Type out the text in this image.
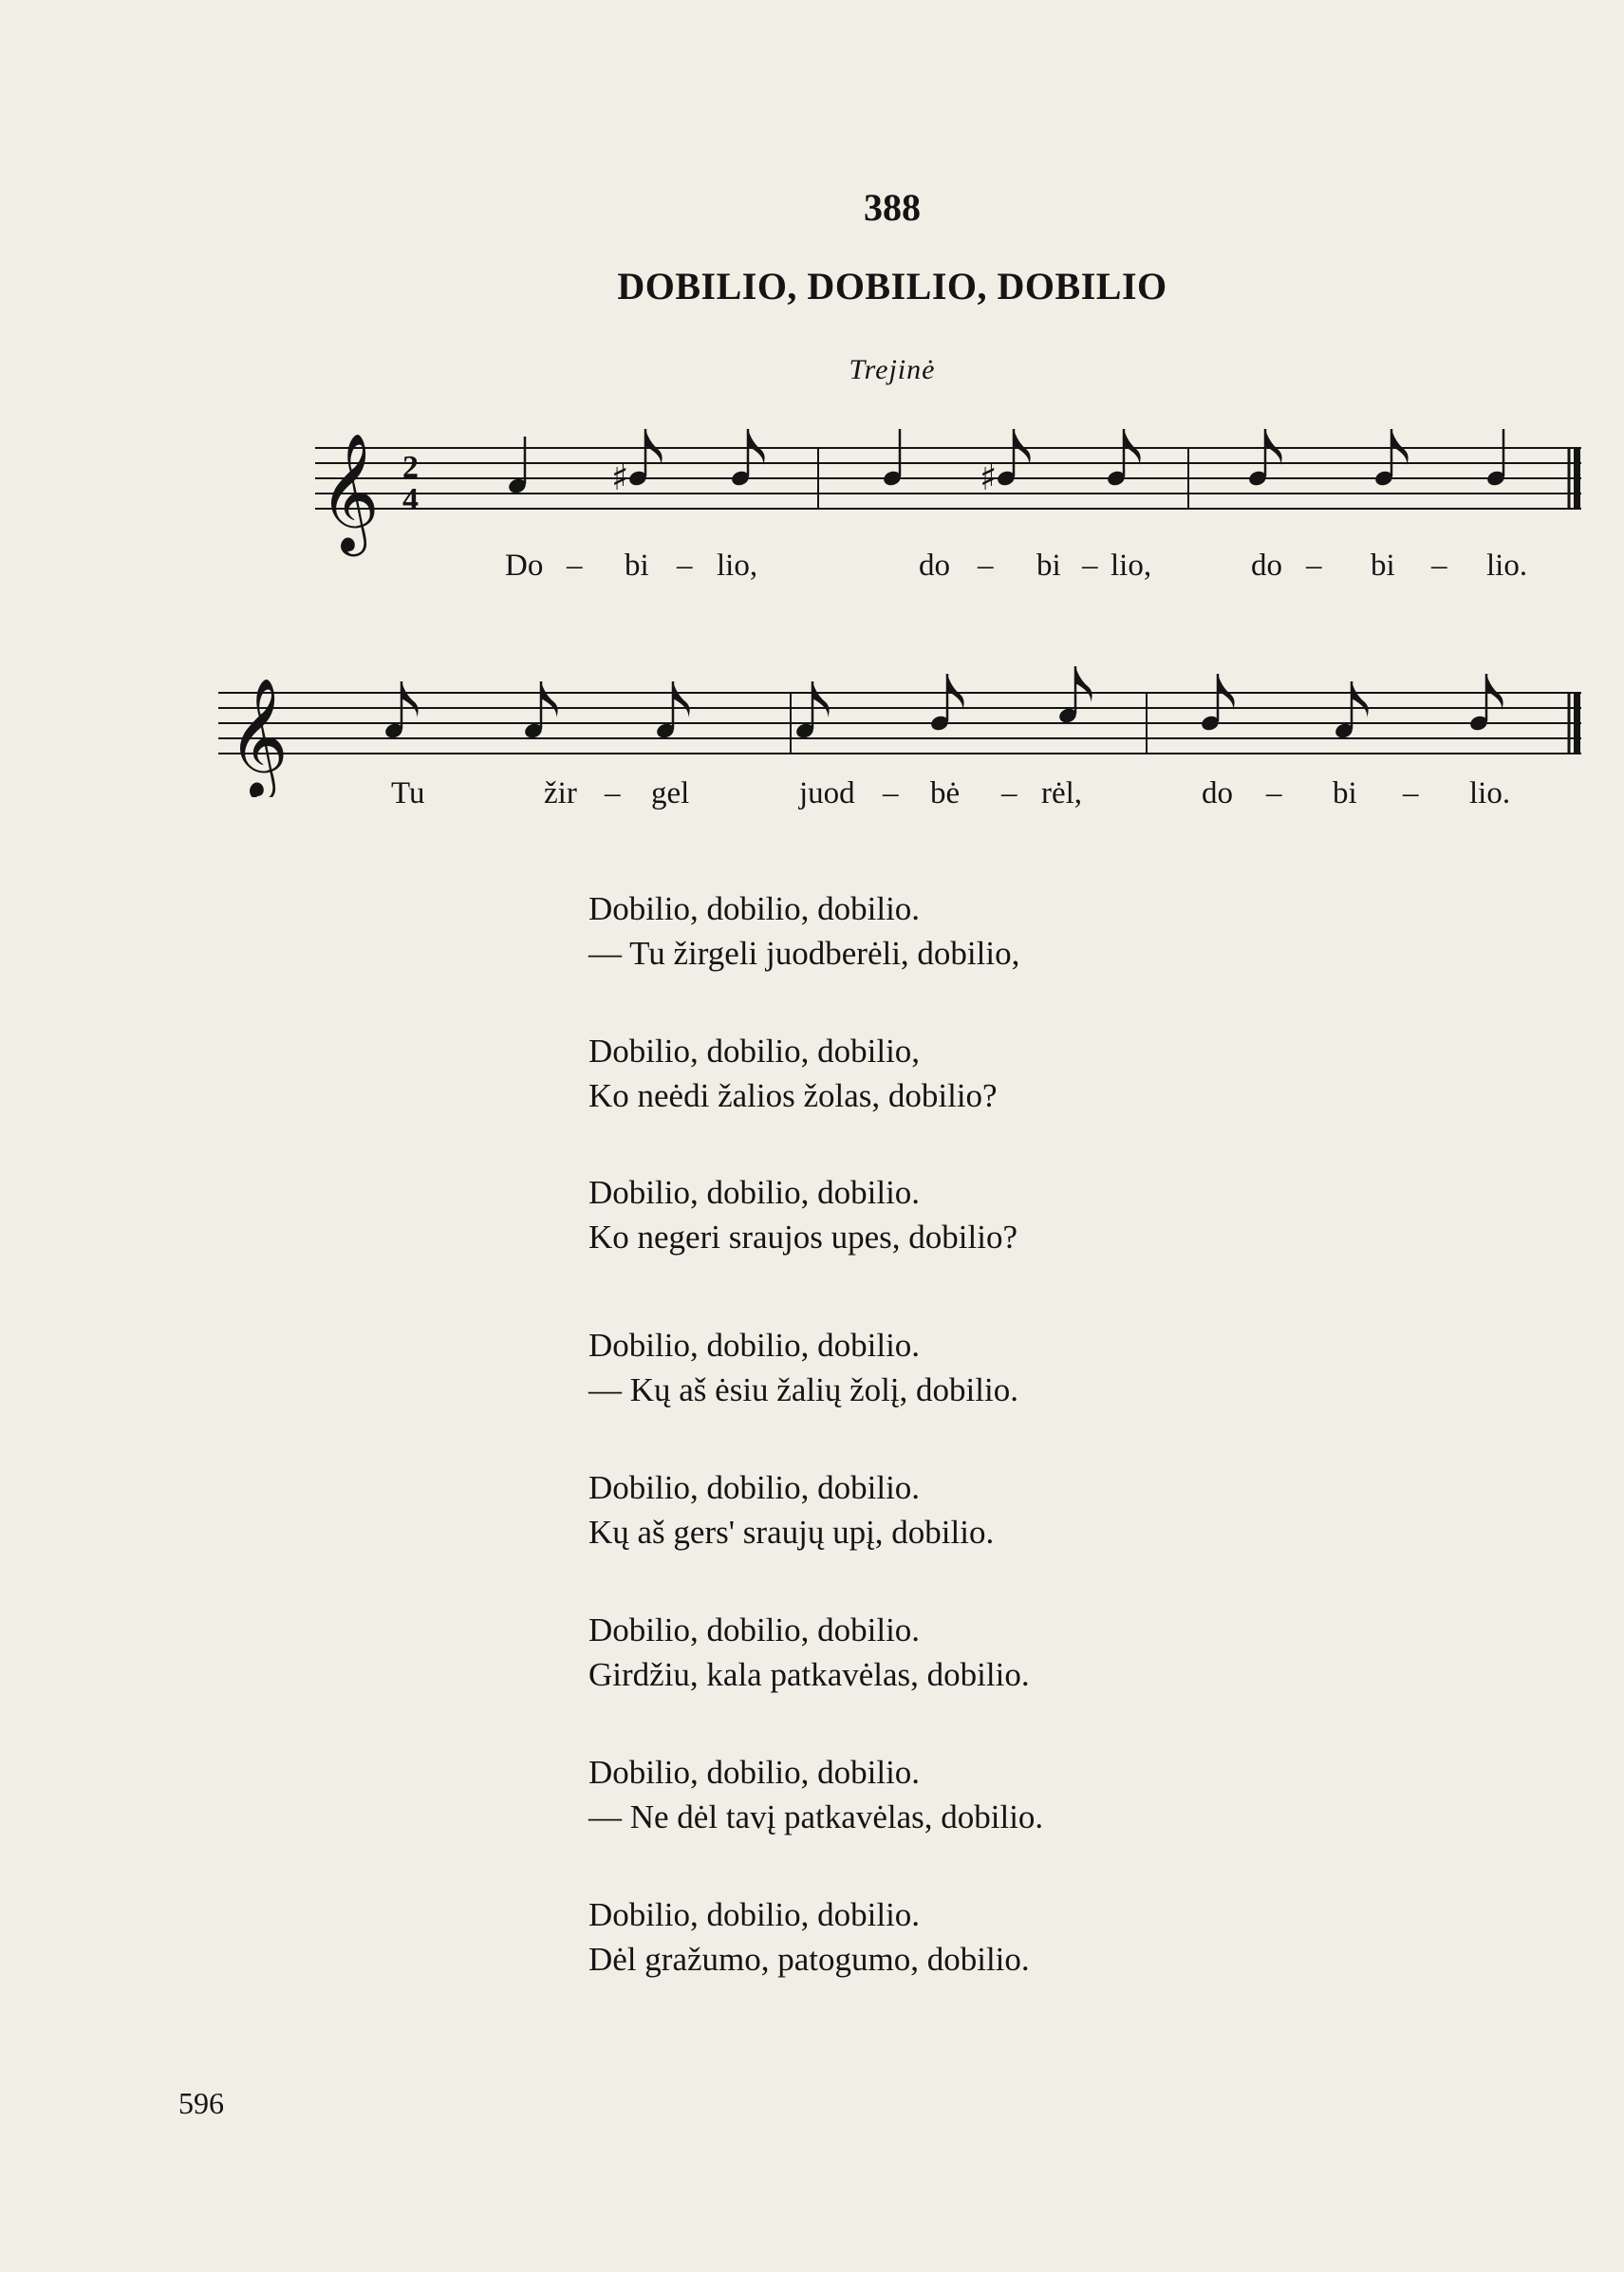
388
DOBILIO, DOBILIO, DOBILIO
Trejinė
𝄞 2
4
♯	♯
Do – bi – lio,	do – bi – lio,	do – bi – lio.
𝄞	Tu	žir – gel	juod – bė – rėl,	do – bi – lio.
Dobilio, dobilio, dobilio.
— Tu žirgeli juodberėli, dobilio,
Dobilio, dobilio, dobilio,
Ko neėdi žalios žolas, dobilio?
Dobilio, dobilio, dobilio.
Ko negeri sraujos upes, dobilio?
Dobilio, dobilio, dobilio.
— Kų aš ėsiu žalių žolį, dobilio.
Dobilio, dobilio, dobilio.
Kų aš gers' sraujų upį, dobilio.
Dobilio, dobilio, dobilio.
Girdžiu, kala patkavėlas, dobilio.
Dobilio, dobilio, dobilio.
— Ne dėl tavį patkavėlas, dobilio.
Dobilio, dobilio, dobilio.
Dėl gražumo, patogumo, dobilio.
596
